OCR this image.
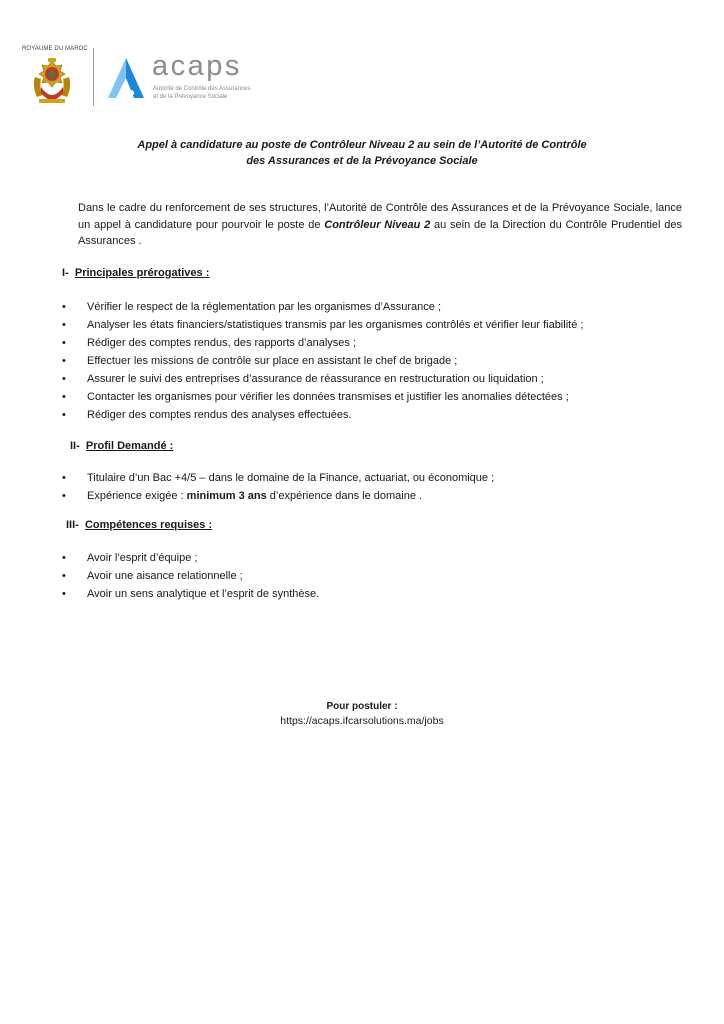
ROYAUME DU MAROC
acaps
Autorité de Contrôle des Assurances
et de la Prévoyance Sociale
Appel à candidature au poste de Contrôleur Niveau 2 au sein de l’Autorité de Contrôle
des Assurances et de la Prévoyance Sociale
Dans le cadre du renforcement de ses structures, l’Autorité de Contrôle des Assurances et de la Prévoyance Sociale, lance un appel à candidature pour pourvoir le poste de Contrôleur Niveau 2 au sein de la Direction du Contrôle Prudentiel des Assurances .
I- Principales prérogatives :
• Vérifier le respect de la réglementation par les organismes d’Assurance ;
• Analyser les états financiers/statistiques transmis par les organismes contrôlés et vérifier leur fiabilité ;
• Rédiger des comptes rendus, des rapports d’analyses ;
• Effectuer les missions de contrôle sur place en assistant le chef de brigade ;
• Assurer le suivi des entreprises d’assurance de réassurance en restructuration ou liquidation ;
• Contacter les organismes pour vérifier les données transmises et justifier les anomalies détectées ;
• Rédiger des comptes rendus des analyses effectuées.
II- Profil Demandé :
• Titulaire d’un Bac +4/5 – dans le domaine de la Finance, actuariat, ou économique ;
• Expérience exigée : minimum 3 ans d’expérience dans le domaine .
III- Compétences requises :
• Avoir l’esprit d’équipe ;
• Avoir une aisance relationnelle ;
• Avoir un sens analytique et l’esprit de synthèse.
Pour postuler :
https://acaps.ifcarsolutions.ma/jobs
